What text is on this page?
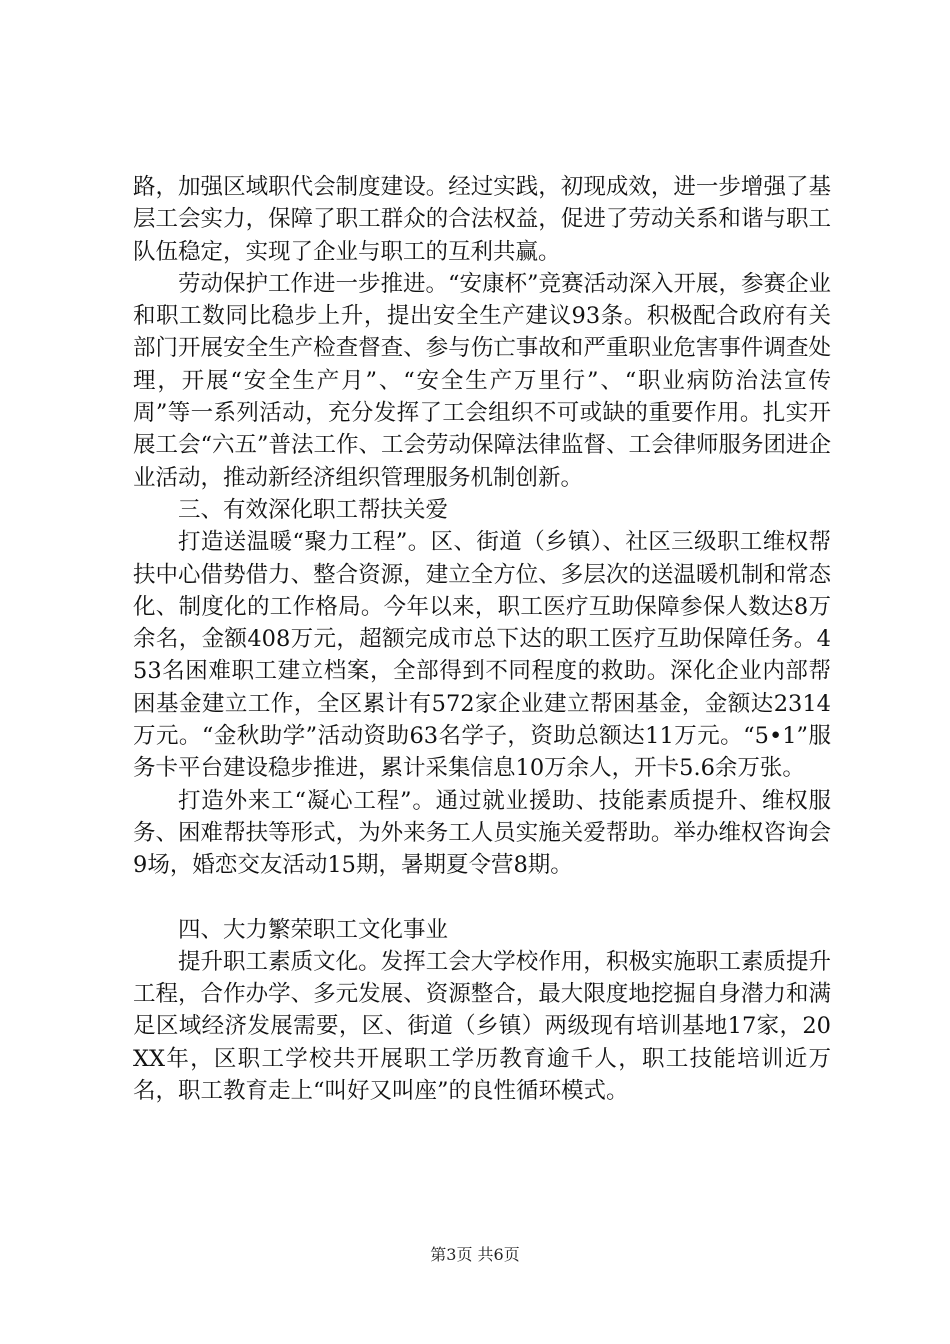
路，加强区域职代会制度建设。经过实践，初现成效，进一步增强了基层工会实力，保障了职工群众的合法权益，促进了劳动关系和谐与职工队伍稳定，实现了企业与职工的互利共赢。

劳动保护工作进一步推进。“安康杯”竞赛活动深入开展，参赛企业和职工数同比稳步上升，提出安全生产建议93条。积极配合政府有关部门开展安全生产检查督查、参与伤亡事故和严重职业危害事件调查处理，开展“安全生产月”、“安全生产万里行”、“职业病防治法宣传周”等一系列活动，充分发挥了工会组织不可或缺的重要作用。扎实开展工会“六五”普法工作、工会劳动保障法律监督、工会律师服务团进企业活动，推动新经济组织管理服务机制创新。

三、有效深化职工帮扶关爱

打造送温暖“聚力工程”。区、街道（乡镇）、社区三级职工维权帮扶中心借势借力、整合资源，建立全方位、多层次的送温暖机制和常态化、制度化的工作格局。今年以来，职工医疗互助保障参保人数达8万余名，金额408万元，超额完成市总下达的职工医疗互助保障任务。453名困难职工建立档案，全部得到不同程度的救助。深化企业内部帮困基金建立工作，全区累计有572家企业建立帮困基金，金额达2314万元。“金秋助学”活动资助63名学子，资助总额达11万元。“5•1”服务卡平台建设稳步推进，累计采集信息10万余人，开卡5.6余万张。

打造外来工“凝心工程”。通过就业援助、技能素质提升、维权服务、困难帮扶等形式，为外来务工人员实施关爱帮助。举办维权咨询会9场，婚恋交友活动15期，暑期夏令营8期。

四、大力繁荣职工文化事业

提升职工素质文化。发挥工会大学校作用，积极实施职工素质提升工程，合作办学、多元发展、资源整合，最大限度地挖掘自身潜力和满足区域经济发展需要，区、街道（乡镇）两级现有培训基地17家，20XX年，区职工学校共开展职工学历教育逾千人，职工技能培训近万名，职工教育走上“叫好又叫座”的良性循环模式。

第3页 共6页
